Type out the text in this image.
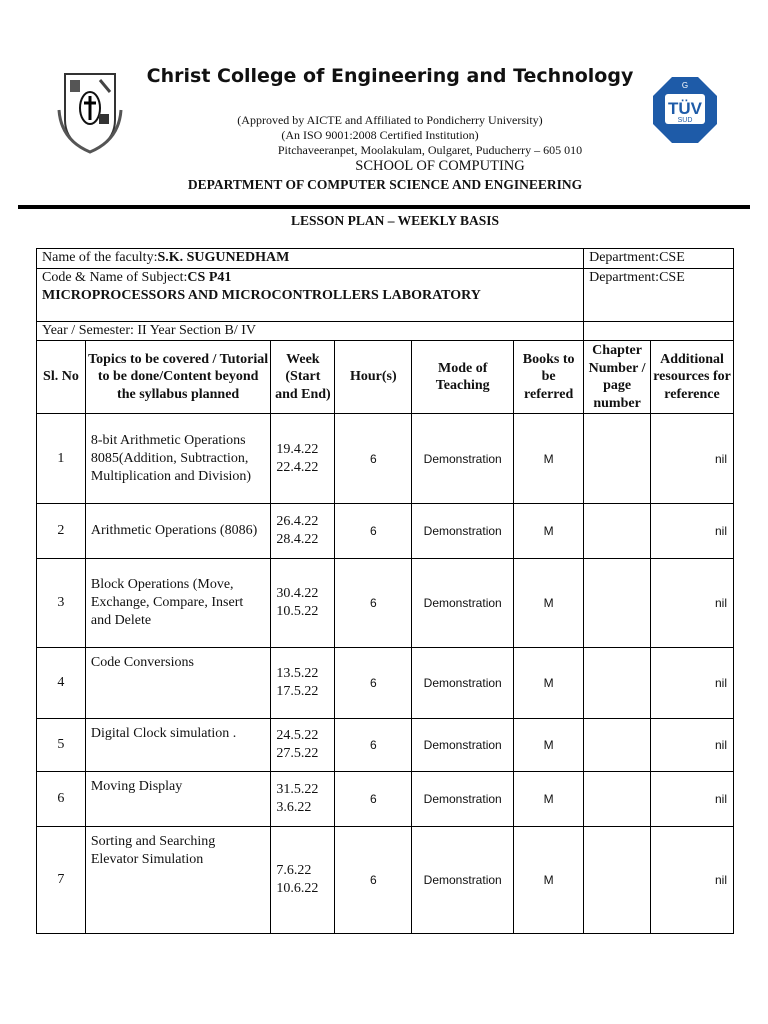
TÜV
SUD
G
Christ College of Engineering and Technology
(Approved by AICTE and Affiliated to Pondicherry University)
(An ISO 9001:2008 Certified Institution)
Pitchaveeranpet, Moolakulam, Oulgaret, Puducherry – 605 010
SCHOOL OF COMPUTING
DEPARTMENT OF COMPUTER SCIENCE AND ENGINEERING
LESSON PLAN – WEEKLY BASIS
Name of the faculty:S.K. SUGUNEDHAM						Department:CSE	
Code & Name of Subject:CS P41
MICROPROCESSORS AND MICROCONTROLLERS LABORATORY						Department:CSE	
Year / Semester: II Year Section B/ IV							
Sl. No	Topics to be covered / Tutorial to be done/Content beyond the syllabus planned	Week (Start and End)	Hour(s)	Mode of Teaching	Books to be referred	Chapter Number / page number	Additional resources for reference
1	8-bit Arithmetic Operations 8085(Addition, Subtraction, Multiplication and Division)	19.4.22 22.4.22	6	Demonstration	M		nil
2	Arithmetic Operations (8086)	26.4.22 28.4.22	6	Demonstration	M		nil
3	Block Operations (Move, Exchange, Compare, Insert and Delete	30.4.22 10.5.22	6	Demonstration	M		nil
4	Code Conversions	13.5.22 17.5.22	6	Demonstration	M		nil
5	Digital Clock simulation .	24.5.22 27.5.22	6	Demonstration	M		nil
6	Moving Display	31.5.22 3.6.22	6	Demonstration	M		nil
7	Sorting and Searching Elevator Simulation	7.6.22 10.6.22	6	Demonstration	M		nil
